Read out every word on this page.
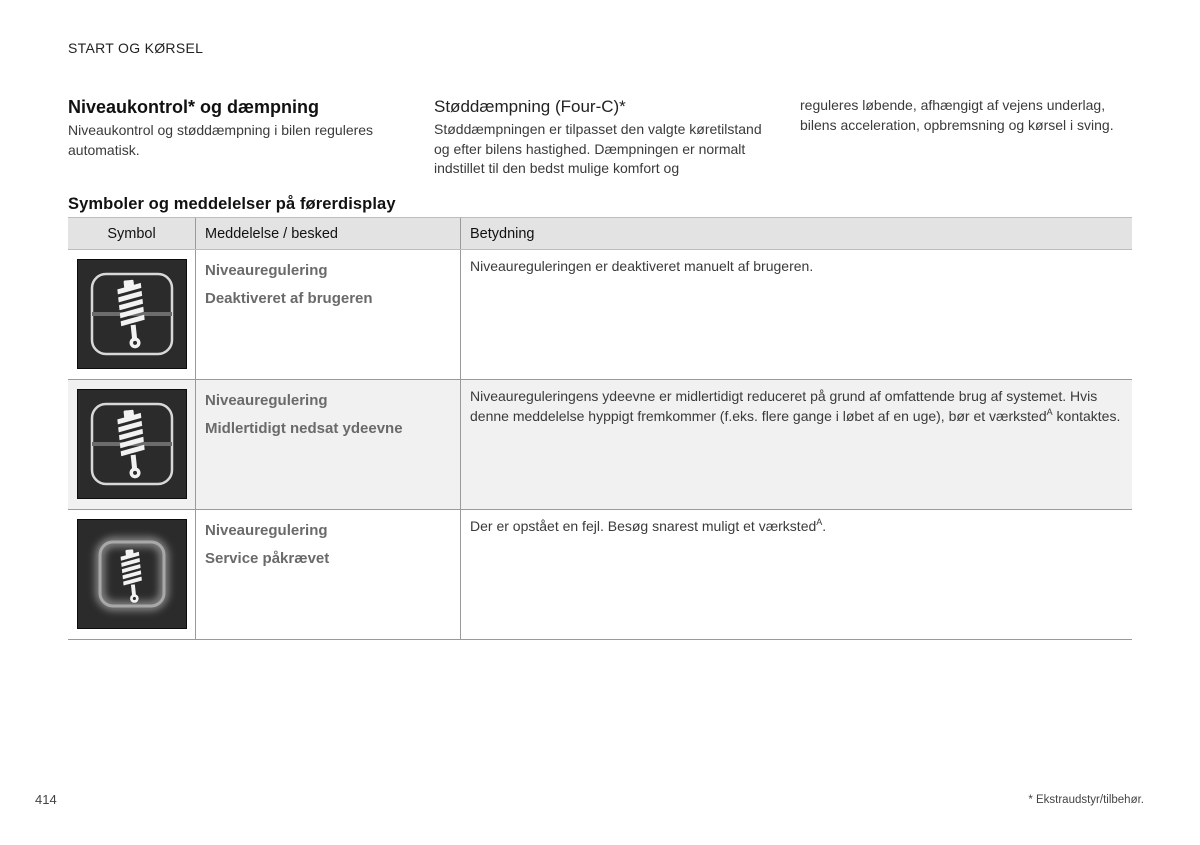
START OG KØRSEL
Niveaukontrol* og dæmpning

Niveaukontrol og støddæmpning i bilen reguleres automatisk.

Støddæmpning (Four-C)*

Støddæmpningen er tilpasset den valgte køretilstand og efter bilens hastighed. Dæmpningen er normalt indstillet til den bedst mulige komfort og

reguleres løbende, afhængigt af vejens underlag, bilens acceleration, opbremsning og kørsel i sving.

Symboler og meddelelser på førerdisplay
Symbol	Meddelelse / besked	Betydning

Niveauregulering
Deaktiveret af brugeren	Niveaureguleringen er deaktiveret manuelt af brugeren.

Niveauregulering
Midlertidigt nedsat ydeevne	Niveaureguleringens ydeevne er midlertidigt reduceret på grund af omfattende brug af systemet. Hvis denne meddelelse hyppigt fremkommer (f.eks. flere gange i løbet af en uge), bør et værksted$^A$ kontaktes.

Niveauregulering
Service påkrævet	Der er opstået en fejl. Besøg snarest muligt et værksted$^A$.
414	* Ekstraudstyr/tilbehør.
